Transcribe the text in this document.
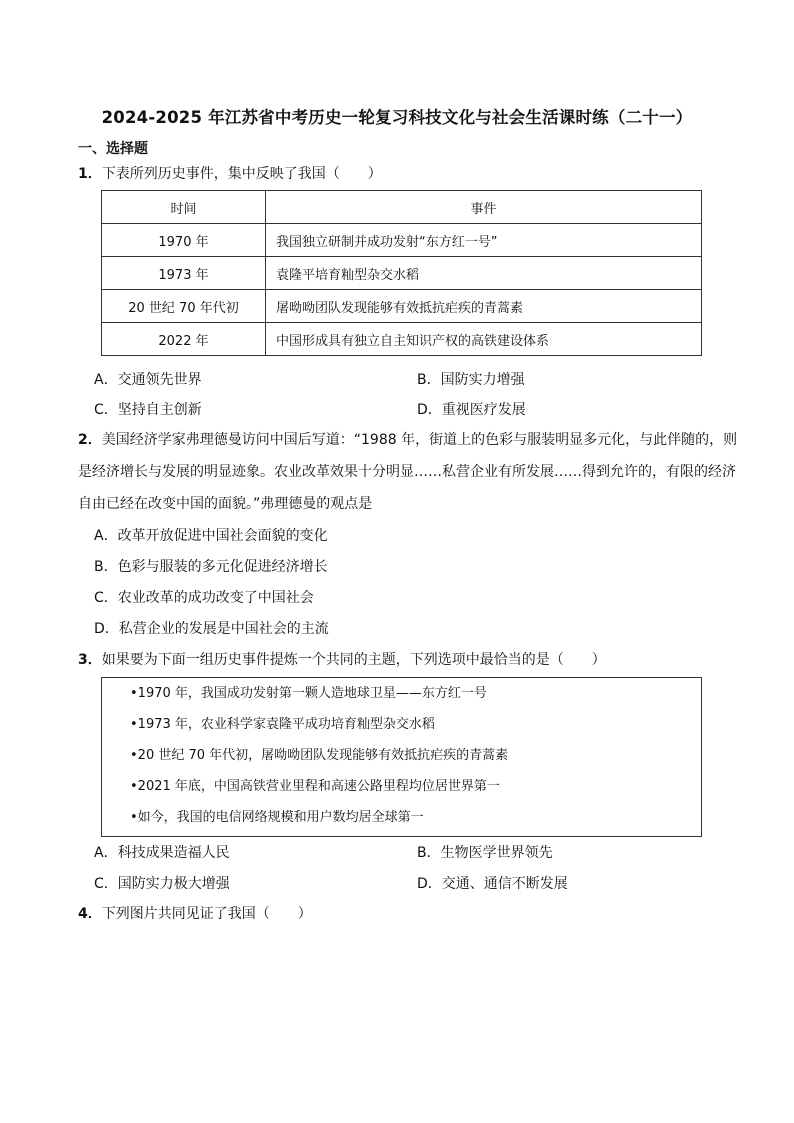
2024-2025 年江苏省中考历史一轮复习科技文化与社会生活课时练（二十一）
一、选择题
1．下表所列历史事件，集中反映了我国（　　）
时间	事件
1970 年	我国独立研制并成功发射“东方红一号”
1973 年	袁隆平培育籼型杂交水稻
20 世纪 70 年代初	屠呦呦团队发现能够有效抵抗疟疾的青蒿素
2022 年	中国形成具有独立自主知识产权的高铁建设体系
A．交通领先世界	B．国防实力增强
C．坚持自主创新	D．重视医疗发展
2．美国经济学家弗理德曼访问中国后写道：“1988 年，街道上的色彩与服装明显多元化，与此伴随的，则是经济增长与发展的明显迹象。农业改革效果十分明显……私营企业有所发展……得到允许的，有限的经济自由已经在改变中国的面貌。”弗理德曼的观点是
A．改革开放促进中国社会面貌的变化
B．色彩与服装的多元化促进经济增长
C．农业改革的成功改变了中国社会
D．私营企业的发展是中国社会的主流
3．如果要为下面一组历史事件提炼一个共同的主题，下列选项中最恰当的是（　　）
•1970 年，我国成功发射第一颗人造地球卫星——东方红一号
•1973 年，农业科学家袁隆平成功培育籼型杂交水稻
•20 世纪 70 年代初，屠呦呦团队发现能够有效抵抗疟疾的青蒿素
•2021 年底，中国高铁营业里程和高速公路里程均位居世界第一
•如今，我国的电信网络规模和用户数均居全球第一
A．科技成果造福人民	B．生物医学世界领先
C．国防实力极大增强	D．交通、通信不断发展
4．下列图片共同见证了我国（　　）
